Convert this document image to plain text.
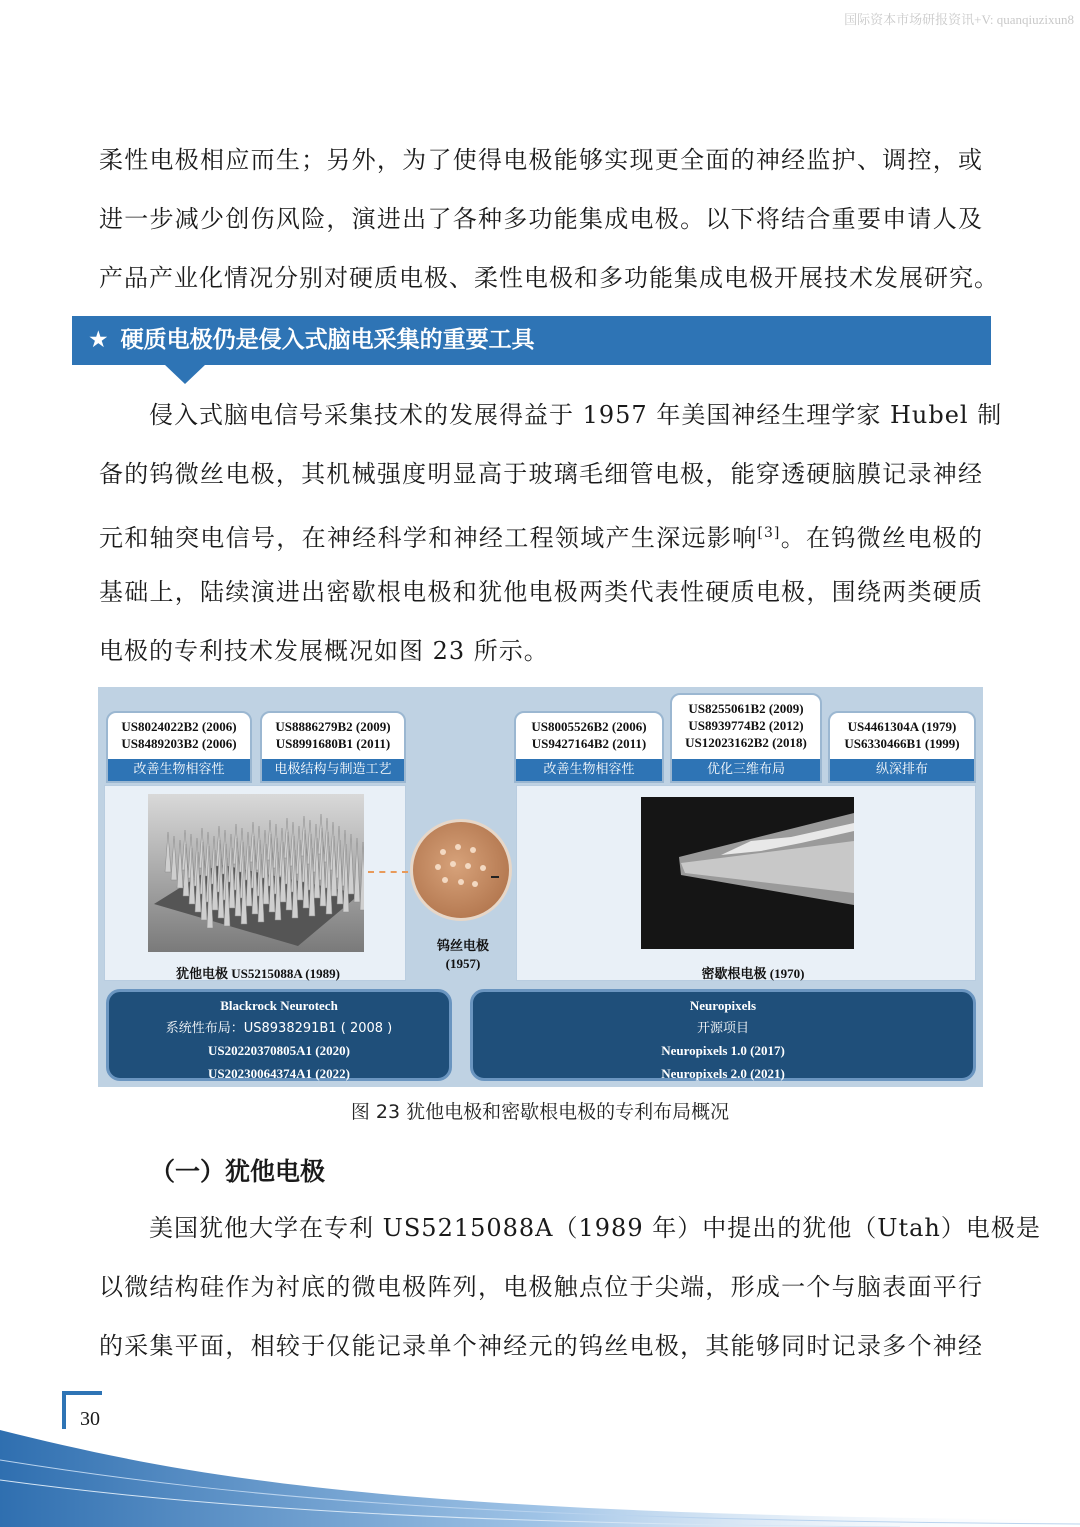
国际资本市场研报资讯+V: quanqiuzixun8
柔性电极相应而生；另外，为了使得电极能够实现更全面的神经监护、调控，或
进一步减少创伤风险，演进出了各种多功能集成电极。以下将结合重要申请人及
产品产业化情况分别对硬质电极、柔性电极和多功能集成电极开展技术发展研究。
★ 硬质电极仍是侵入式脑电采集的重要工具
侵入式脑电信号采集技术的发展得益于 1957 年美国神经生理学家 Hubel 制
备的钨微丝电极，其机械强度明显高于玻璃毛细管电极，能穿透硬脑膜记录神经
元和轴突电信号，在神经科学和神经工程领域产生深远影响[3]。在钨微丝电极的
基础上，陆续演进出密歇根电极和犹他电极两类代表性硬质电极，围绕两类硬质
电极的专利技术发展概况如图 23 所示。
US8024022B2 (2006)
US8489203B2 (2006)
改善生物相容性
US8886279B2 (2009)
US8991680B1 (2011)
电极结构与制造工艺
US8005526B2 (2006)
US9427164B2 (2011)
改善生物相容性
US8255061B2 (2009)
US8939774B2 (2012)
US12023162B2 (2018)
优化三维布局
US4461304A (1979)
US6330466B1 (1999)
纵深排布
犹他电极 US5215088A (1989)
钨丝电极
(1957)
密歇根电极 (1970)
Blackrock Neurotech
系统性布局：US8938291B1 ( 2008 )
US20220370805A1 (2020)
US20230064374A1 (2022)
Neuropixels
开源项目
Neuropixels 1.0 (2017)
Neuropixels 2.0 (2021)
图 23 犹他电极和密歇根电极的专利布局概况
（一）犹他电极
美国犹他大学在专利 US5215088A（1989 年）中提出的犹他（Utah）电极是
以微结构硅作为衬底的微电极阵列，电极触点位于尖端，形成一个与脑表面平行
的采集平面，相较于仅能记录单个神经元的钨丝电极，其能够同时记录多个神经
30
